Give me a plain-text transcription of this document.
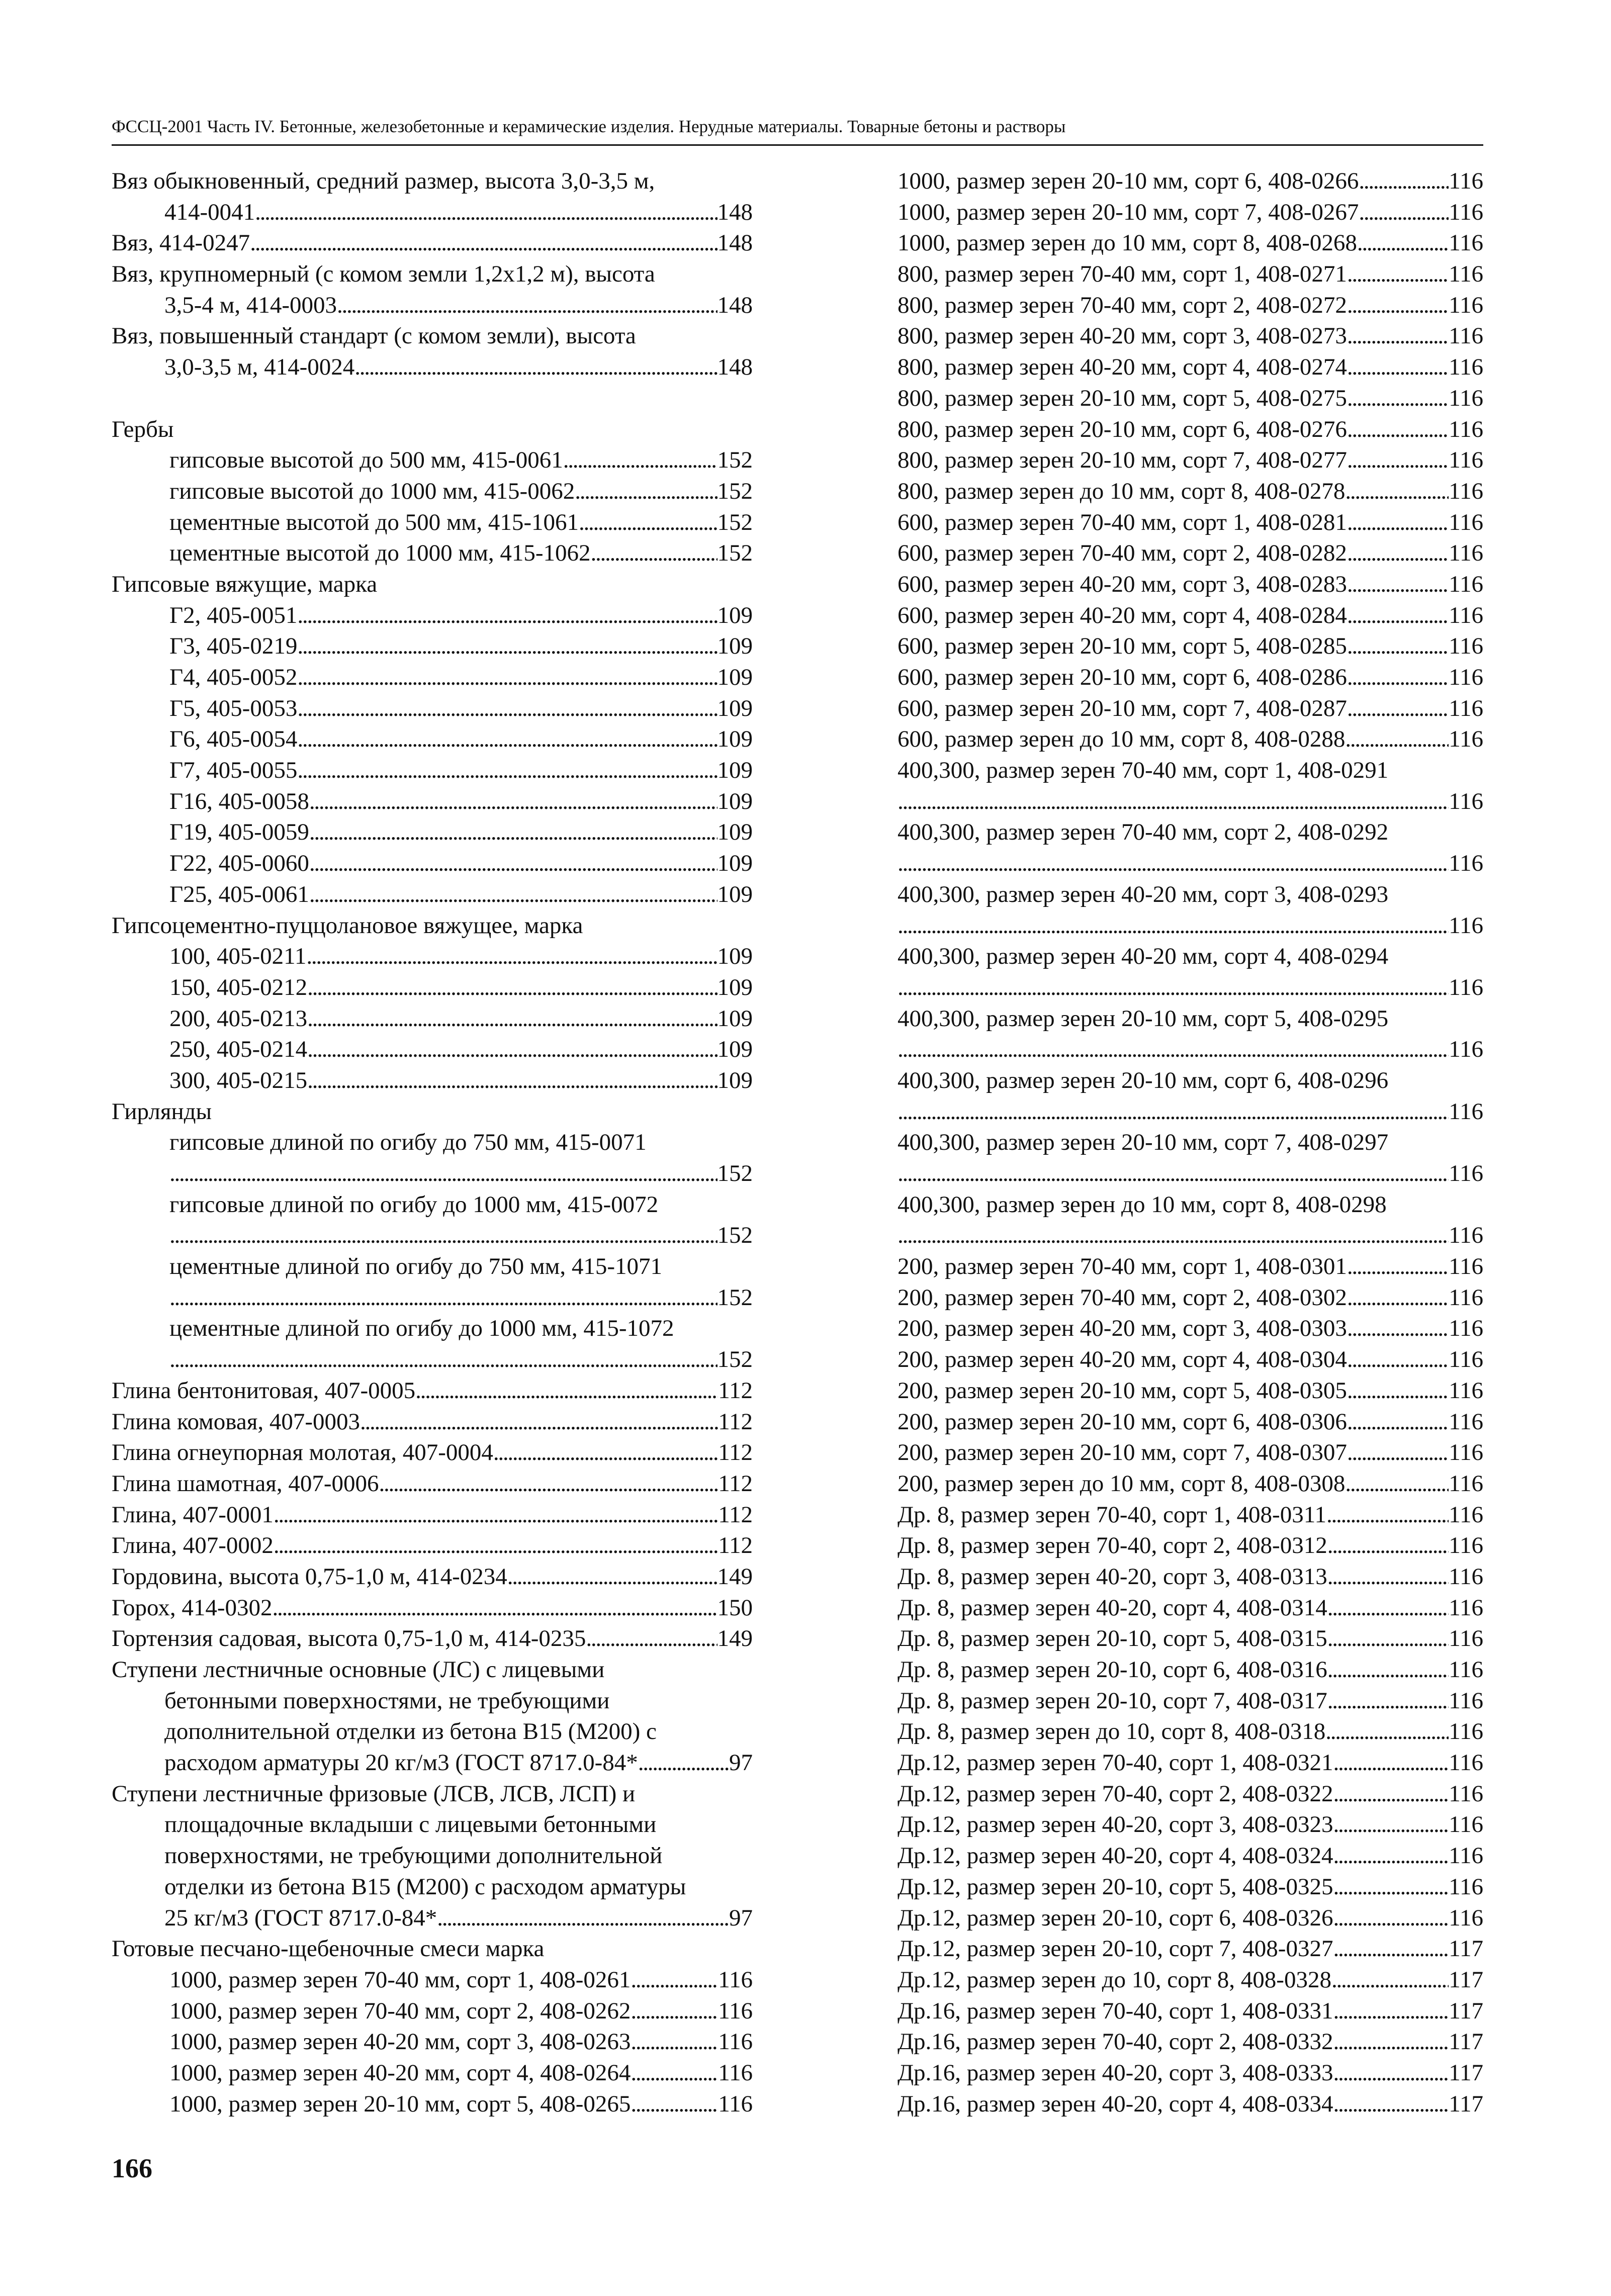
ФССЦ-2001 Часть IV. Бетонные, железобетонные и керамические изделия. Нерудные материалы. Товарные бетоны и растворы
Вяз обыкновенный, средний размер, высота 3,0-3,5 м,
414-0041 . . .	148
Вяз, 414-0247 . . .	148
Вяз, крупномерный (с комом земли 1,2х1,2 м), высота
3,5-4 м, 414-0003 . . .	148
Вяз, повышенный стандарт (с комом земли), высота
3,0-3,5 м, 414-0024 . . .	148
Гербы
гипсовые высотой до 500 мм, 415-0061 . . .	152
гипсовые высотой до 1000 мм, 415-0062 . . .	152
цементные высотой до 500 мм, 415-1061 . . .	152
цементные высотой до 1000 мм, 415-1062 . . .	152
Гипсовые вяжущие, марка
Г2, 405-0051 . . .	109
Г3, 405-0219 . . .	109
Г4, 405-0052 . . .	109
Г5, 405-0053 . . .	109
Г6, 405-0054 . . .	109
Г7, 405-0055 . . .	109
Г16, 405-0058 . . .	109
Г19, 405-0059 . . .	109
Г22, 405-0060 . . .	109
Г25, 405-0061 . . .	109
Гипсоцементно-пуццолановое вяжущее, марка
100, 405-0211 . . .	109
150, 405-0212 . . .	109
200, 405-0213 . . .	109
250, 405-0214 . . .	109
300, 405-0215 . . .	109
Гирлянды
гипсовые длиной по огибу до 750 мм, 415-0071
. . .
152
гипсовые длиной по огибу до 1000 мм, 415-0072
. . .
152
цементные длиной по огибу до 750 мм, 415-1071
. . .
152
цементные длиной по огибу до 1000 мм, 415-1072
. . .
152
Глина бентонитовая, 407-0005 . . .	112
Глина комовая, 407-0003 . . .	112
Глина огнеупорная молотая, 407-0004 . . .	112
Глина шамотная, 407-0006 . . .	112
Глина, 407-0001 . . .	112
Глина, 407-0002 . . .	112
Гордовина, высота 0,75-1,0 м, 414-0234 . . .	149
Горох, 414-0302 . . .	150
Гортензия садовая, высота 0,75-1,0 м, 414-0235 . . .	149
Ступени лестничные основные (ЛС) с лицевыми
бетонными поверхностями, не требующими
дополнительной отделки из бетона В15 (М200) с
расходом арматуры 20 кг/м3 (ГОСТ 8717.0-84* . . .	97
Ступени лестничные фризовые (ЛСВ, ЛСВ, ЛСП) и
площадочные вкладыши с лицевыми бетонными
поверхностями, не требующими дополнительной
отделки из бетона В15 (М200) с расходом арматуры
25 кг/м3 (ГОСТ 8717.0-84* . . .	97
Готовые песчано-щебеночные смеси марка
1000, размер зерен 70-40 мм, сорт 1, 408-0261 . . .	116
1000, размер зерен 70-40 мм, сорт 2, 408-0262 . . .	116
1000, размер зерен 40-20 мм, сорт 3, 408-0263 . . .	116
1000, размер зерен 40-20 мм, сорт 4, 408-0264 . . .	116
1000, размер зерен 20-10 мм, сорт 5, 408-0265 . . .	116
1000, размер зерен 20-10 мм, сорт 6, 408-0266 . . .	116
1000, размер зерен 20-10 мм, сорт 7, 408-0267 . . .	116
1000, размер зерен до 10 мм, сорт 8, 408-0268 . . .	116
800, размер зерен 70-40 мм, сорт 1, 408-0271 . . .	116
800, размер зерен 70-40 мм, сорт 2, 408-0272 . . .	116
800, размер зерен 40-20 мм, сорт 3, 408-0273 . . .	116
800, размер зерен 40-20 мм, сорт 4, 408-0274 . . .	116
800, размер зерен 20-10 мм, сорт 5, 408-0275 . . .	116
800, размер зерен 20-10 мм, сорт 6, 408-0276 . . .	116
800, размер зерен 20-10 мм, сорт 7, 408-0277 . . .	116
800, размер зерен до 10 мм, сорт 8, 408-0278 . . .	116
600, размер зерен 70-40 мм, сорт 1, 408-0281 . . .	116
600, размер зерен 70-40 мм, сорт 2, 408-0282 . . .	116
600, размер зерен 40-20 мм, сорт 3, 408-0283 . . .	116
600, размер зерен 40-20 мм, сорт 4, 408-0284 . . .	116
600, размер зерен 20-10 мм, сорт 5, 408-0285 . . .	116
600, размер зерен 20-10 мм, сорт 6, 408-0286 . . .	116
600, размер зерен 20-10 мм, сорт 7, 408-0287 . . .	116
600, размер зерен до 10 мм, сорт 8, 408-0288 . . .	116
400,300, размер зерен 70-40 мм, сорт 1, 408-0291
. . .
116
400,300, размер зерен 70-40 мм, сорт 2, 408-0292
. . .
116
400,300, размер зерен 40-20 мм, сорт 3, 408-0293
. . .
116
400,300, размер зерен 40-20 мм, сорт 4, 408-0294
. . .
116
400,300, размер зерен 20-10 мм, сорт 5, 408-0295
. . .
116
400,300, размер зерен 20-10 мм, сорт 6, 408-0296
. . .
116
400,300, размер зерен 20-10 мм, сорт 7, 408-0297
. . .
116
400,300, размер зерен до 10 мм, сорт 8, 408-0298
. . .
116
200, размер зерен 70-40 мм, сорт 1, 408-0301 . . .	116
200, размер зерен 70-40 мм, сорт 2, 408-0302 . . .	116
200, размер зерен 40-20 мм, сорт 3, 408-0303 . . .	116
200, размер зерен 40-20 мм, сорт 4, 408-0304 . . .	116
200, размер зерен 20-10 мм, сорт 5, 408-0305 . . .	116
200, размер зерен 20-10 мм, сорт 6, 408-0306 . . .	116
200, размер зерен 20-10 мм, сорт 7, 408-0307 . . .	116
200, размер зерен до 10 мм, сорт 8, 408-0308 . . .	116
Др. 8, размер зерен 70-40, сорт 1, 408-0311 . . .	116
Др. 8, размер зерен 70-40, сорт 2, 408-0312 . . .	116
Др. 8, размер зерен 40-20, сорт 3, 408-0313 . . .	116
Др. 8, размер зерен 40-20, сорт 4, 408-0314 . . .	116
Др. 8, размер зерен 20-10, сорт 5, 408-0315 . . .	116
Др. 8, размер зерен 20-10, сорт 6, 408-0316 . . .	116
Др. 8, размер зерен 20-10, сорт 7, 408-0317 . . .	116
Др. 8, размер зерен до 10, сорт 8, 408-0318 . . .	116
Др.12, размер зерен 70-40, сорт 1, 408-0321 . . .	116
Др.12, размер зерен 70-40, сорт 2, 408-0322 . . .	116
Др.12, размер зерен 40-20, сорт 3, 408-0323 . . .	116
Др.12, размер зерен 40-20, сорт 4, 408-0324 . . .	116
Др.12, размер зерен 20-10, сорт 5, 408-0325 . . .	116
Др.12, размер зерен 20-10, сорт 6, 408-0326 . . .	116
Др.12, размер зерен 20-10, сорт 7, 408-0327 . . .	117
Др.12, размер зерен до 10, сорт 8, 408-0328 . . .	117
Др.16, размер зерен 70-40, сорт 1, 408-0331 . . .	117
Др.16, размер зерен 70-40, сорт 2, 408-0332 . . .	117
Др.16, размер зерен 40-20, сорт 3, 408-0333 . . .	117
Др.16, размер зерен 40-20, сорт 4, 408-0334 . . .	117
166
